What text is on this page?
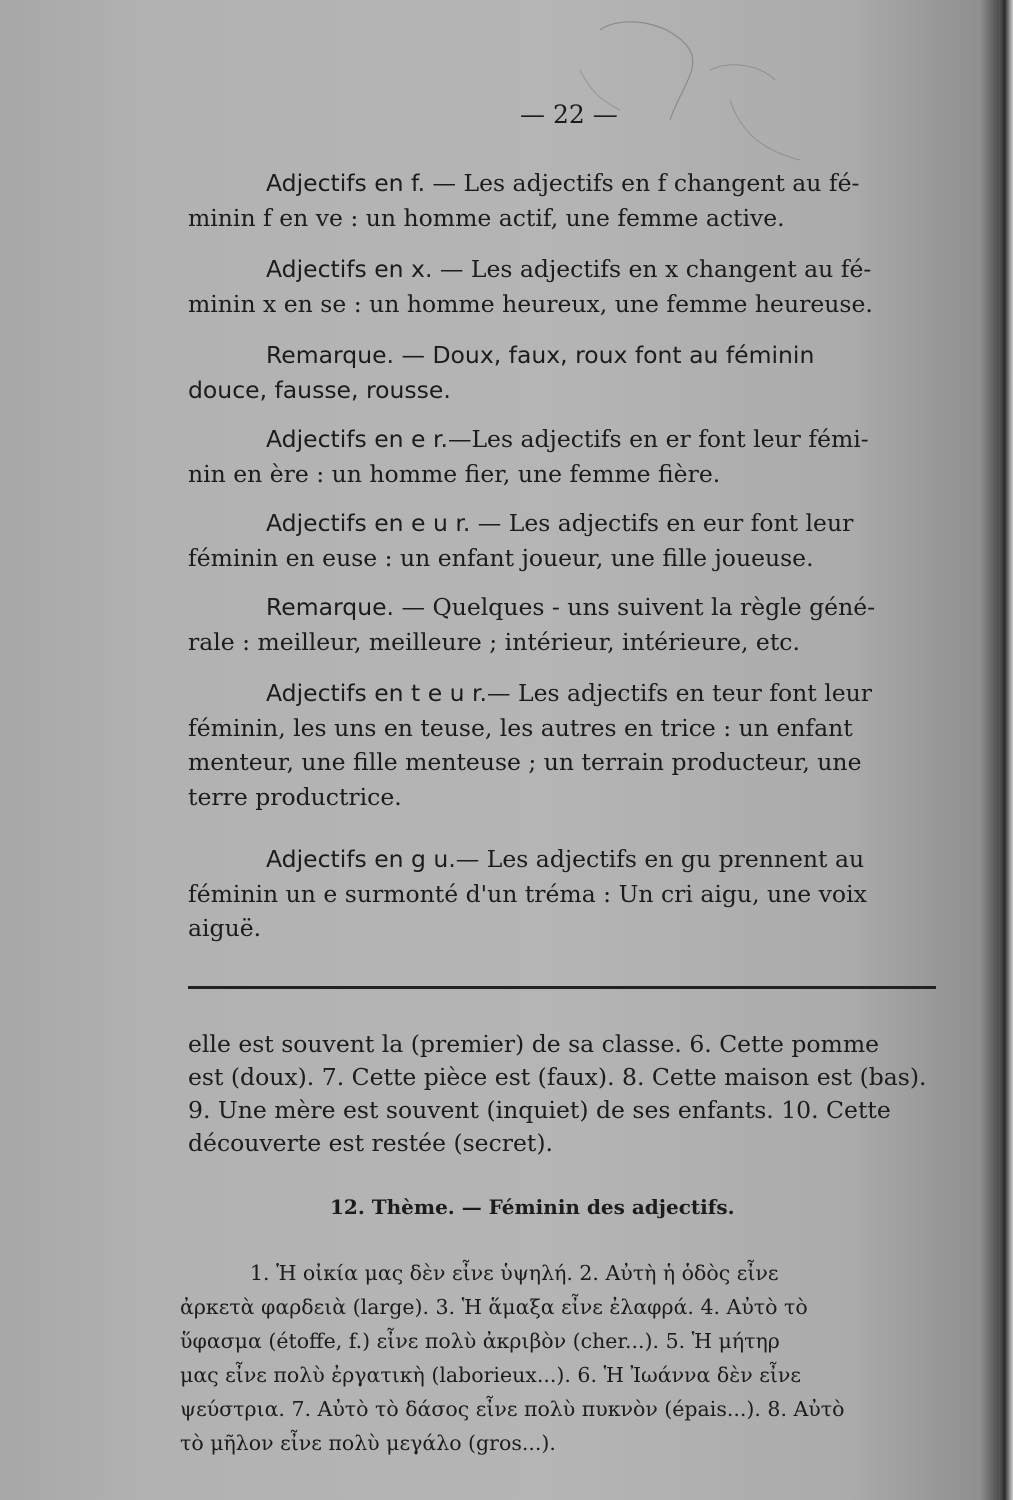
— 22 —
Adjectifs en f. — Les adjectifs en f changent au fé-
minin f en ve : un homme actif, une femme active.
Adjectifs en x. — Les adjectifs en x changent au fé-
minin x en se : un homme heureux, une femme heureuse.
Remarque. — Doux, faux, roux font au féminin
douce, fausse, rousse.
Adjectifs en e r.—Les adjectifs en er font leur fémi-
nin en ère : un homme fier, une femme fière.
Adjectifs en e u r. — Les adjectifs en eur font leur
féminin en euse : un enfant joueur, une fille joueuse.
Remarque. — Quelques - uns suivent la règle géné-
rale : meilleur, meilleure ; intérieur, intérieure, etc.
Adjectifs en t e u r.— Les adjectifs en teur font leur
féminin, les uns en teuse, les autres en trice : un enfant
menteur, une fille menteuse ; un terrain producteur, une
terre productrice.
Adjectifs en g u.— Les adjectifs en gu prennent au
féminin un e surmonté d'un tréma : Un cri aigu, une voix
aiguë.
elle est souvent la (premier) de sa classe. 6. Cette pomme
est (doux). 7. Cette pièce est (faux). 8. Cette maison est (bas).
9. Une mère est souvent (inquiet) de ses enfants. 10. Cette
découverte est restée (secret).
12. Thème. — Féminin des adjectifs.
1. Ἡ οἰκία μας δὲν εἶνε ὑψηλή. 2. Αὐτὴ ἡ ὁδὸς εἶνε
ἀρκετὰ φαρδειὰ (large). 3. Ἡ ἅμαξα εἶνε ἐλαφρά. 4. Αὐτὸ τὸ
ὕφασμα (étoffe, f.) εἶνε πολὺ ἀκριβὸν (cher...). 5. Ἡ μήτηρ
μας εἶνε πολὺ ἐργατικὴ (laborieux...). 6. Ἡ Ἰωάννα δὲν εἶνε
ψεύστρια. 7. Αὐτὸ τὸ δάσος εἶνε πολὺ πυκνὸν (épais...). 8. Αὐτὸ
τὸ μῆλον εἶνε πολὺ μεγάλο (gros...).
